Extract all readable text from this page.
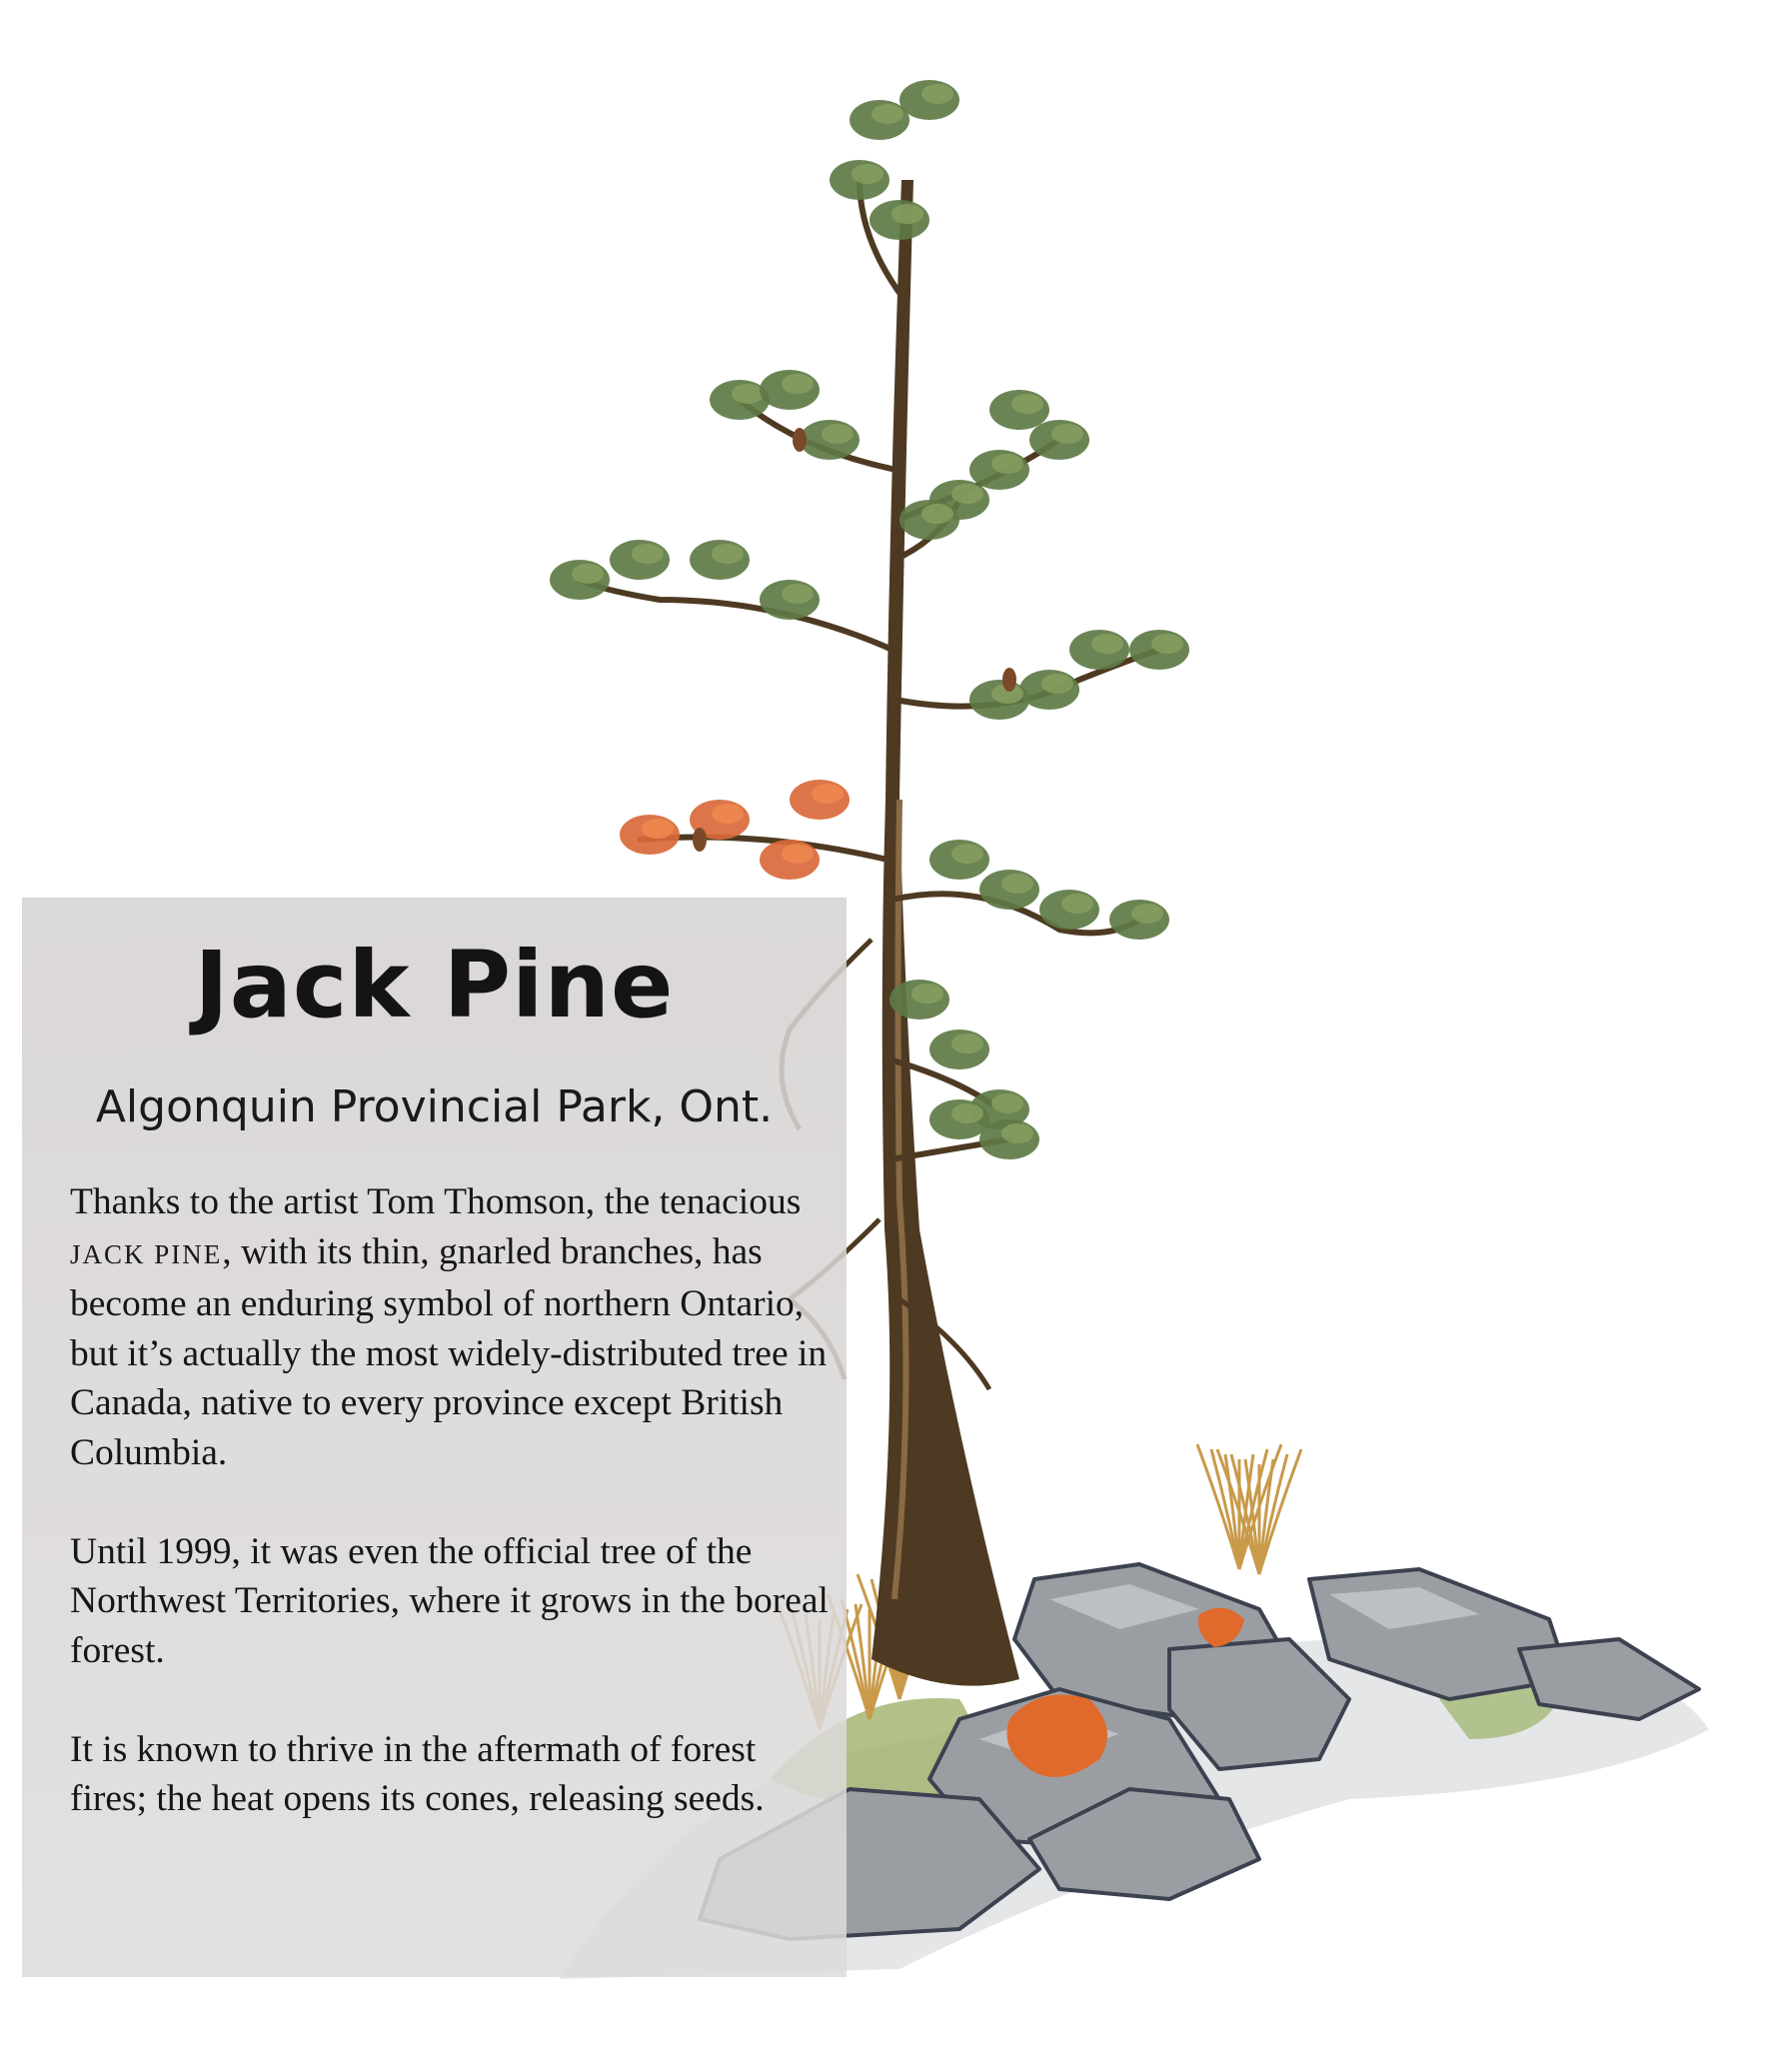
Jack Pine
Algonquin Provincial Park, Ont.

Thanks to the artist Tom Thomson, the tenacious JACK PINE, with its thin, gnarled branches, has become an enduring symbol of northern Ontario, but it’s actually the most widely-distributed tree in Canada, native to every province except British Columbia.

Until 1999, it was even the official tree of the Northwest Territories, where it grows in the boreal forest.

It is known to thrive in the aftermath of forest fires; the heat opens its cones, releasing seeds.
